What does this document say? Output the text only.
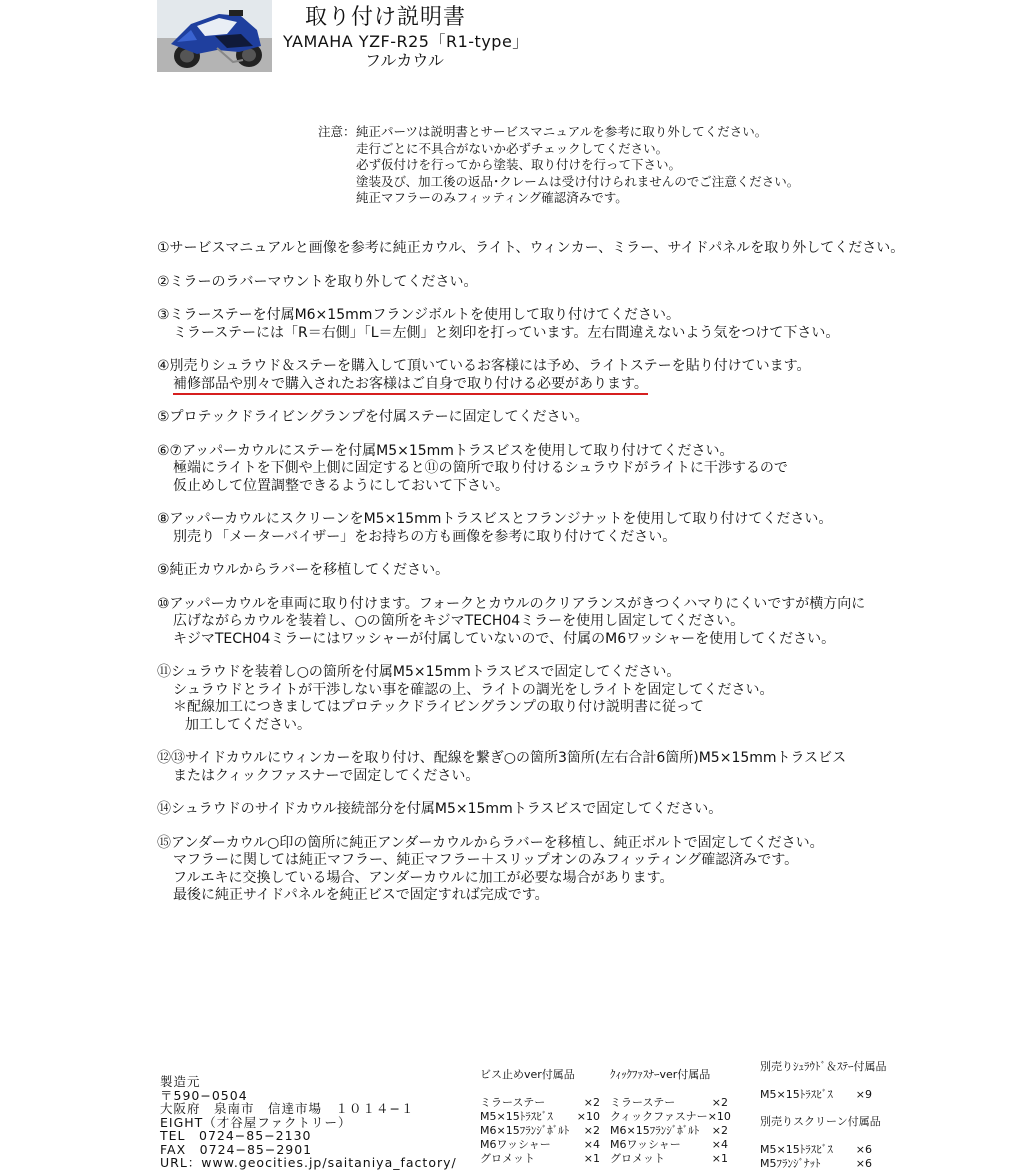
取り付け説明書
YAMAHA YZF-R25「R1-type」
フルカウル
注意：純正パーツは説明書とサービスマニュアルを参考に取り外してください。
走行ごとに不具合がないか必ずチェックしてください。
必ず仮付けを行ってから塗装、取り付けを行って下さい。
塗装及び、加工後の返品･クレームは受け付けられませんのでご注意ください。
純正マフラーのみフィッティング確認済みです。
①サービスマニュアルと画像を参考に純正カウル、ライト、ウィンカー、ミラー、サイドパネルを取り外してください。
②ミラーのラバーマウントを取り外してください。
③ミラーステーを付属M6×15mmフランジボルトを使用して取り付けてください。
ミラーステーには「R＝右側」「L＝左側」と刻印を打っています。左右間違えないよう気をつけて下さい。
④別売りシュラウド＆ステーを購入して頂いているお客様には予め、ライトステーを貼り付けています。
補修部品や別々で購入されたお客様はご自身で取り付ける必要があります。
⑤プロテックドライビングランプを付属ステーに固定してください。
⑥⑦アッパーカウルにステーを付属M5×15mmトラスビスを使用して取り付けてください。
極端にライトを下側や上側に固定すると⑪の箇所で取り付けるシュラウドがライトに干渉するので
仮止めして位置調整できるようにしておいて下さい。
⑧アッパーカウルにスクリーンをM5×15mmトラスビスとフランジナットを使用して取り付けてください。
別売り「メーターバイザー」をお持ちの方も画像を参考に取り付けてください。
⑨純正カウルからラバーを移植してください。
⑩アッパーカウルを車両に取り付けます。フォークとカウルのクリアランスがきつくハマりにくいですが横方向に
広げながらカウルを装着し、○の箇所をキジマTECH04ミラーを使用し固定してください。
キジマTECH04ミラーにはワッシャーが付属していないので、付属のM6ワッシャーを使用してください。
⑪シュラウドを装着し○の箇所を付属M5×15mmトラスビスで固定してください。
シュラウドとライトが干渉しない事を確認の上、ライトの調光をしライトを固定してください。
＊配線加工につきましてはプロテックドライビングランプの取り付け説明書に従って
加工してください。
⑫⑬サイドカウルにウィンカーを取り付け、配線を繋ぎ○の箇所3箇所(左右合計6箇所)M5×15mmトラスビス
またはクィックファスナーで固定してください。
⑭シュラウドのサイドカウル接続部分を付属M5×15mmトラスビスで固定してください。
⑮アンダーカウル○印の箇所に純正アンダーカウルからラバーを移植し、純正ボルトで固定してください。
マフラーに関しては純正マフラー、純正マフラー＋スリップオンのみフィッティング確認済みです。
フルエキに交換している場合、アンダーカウルに加工が必要な場合があります。
最後に純正サイドパネルを純正ビスで固定すれば完成です。
製造元
〒590−0504
大阪府　泉南市　信達市場　１０１４−１
EIGHT（才谷屋ファクトリー）
TEL　0724−85−2130
FAX　0724−85−2901
URL：www.geocities.jp/saitaniya_factory/
ビス止めver付属品
ミラーステー	×2
M5×15ﾄﾗｽﾋﾞｽ ×10
M6×15ﾌﾗﾝｼﾞﾎﾞﾙﾄ ×2
M6ワッシャー	×4
グロメット	×1
ｸｨｯｸﾌｧｽﾅｰver付属品
ミラーステー	×2
クィックファスナー ×10
M6×15ﾌﾗﾝｼﾞﾎﾞﾙﾄ ×2
M6ワッシャー	×4
グロメット	×1
別売りｼｭﾗｳﾄﾞ＆ｽﾃｰ付属品
M5×15ﾄﾗｽﾋﾞｽ ×9
別売りスクリーン付属品
M5×15ﾄﾗｽﾋﾞｽ ×6
M5ﾌﾗﾝｼﾞﾅｯﾄ	×6
